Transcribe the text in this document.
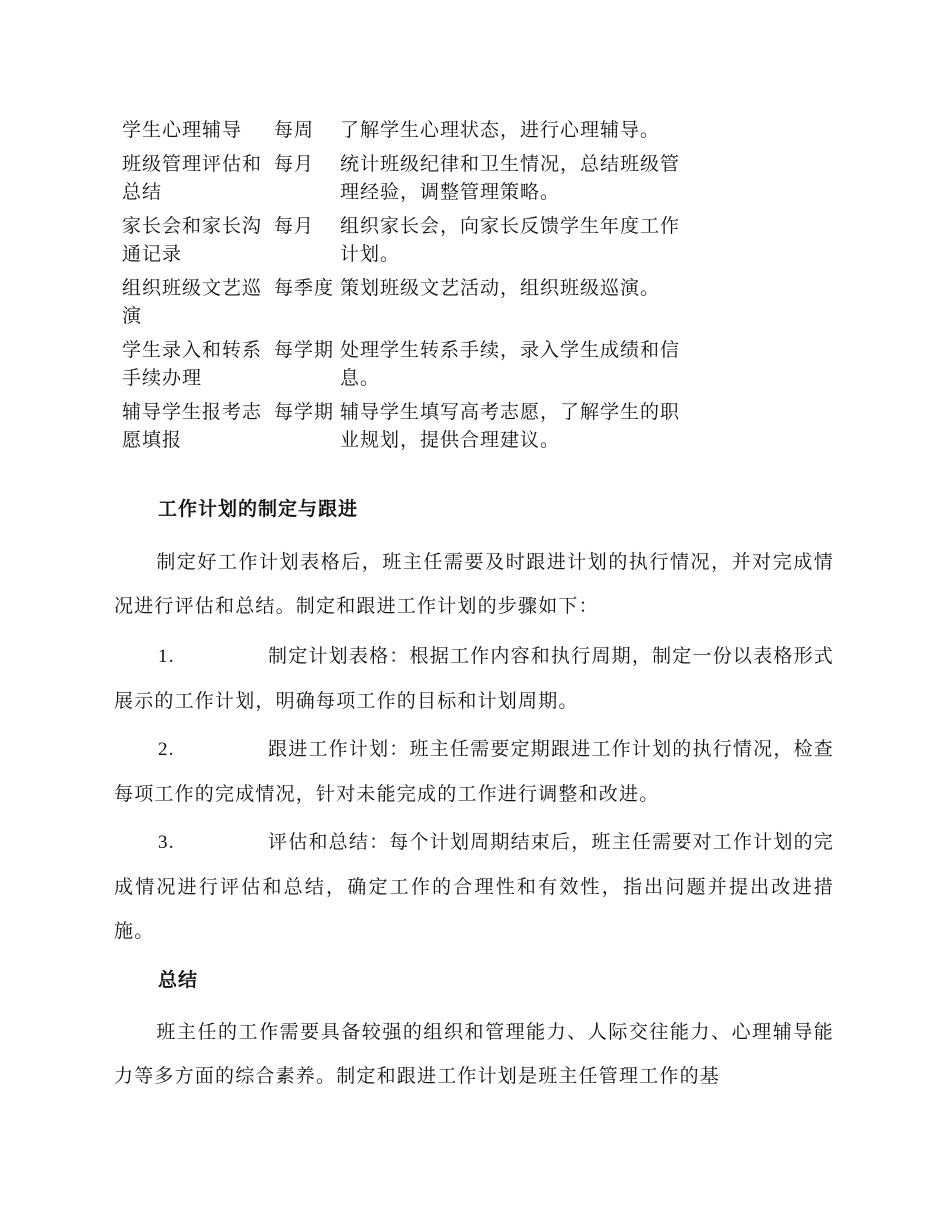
学生心理辅导	每周	了解学生心理状态，进行心理辅导。

班级管理评估和总结	每月	统计班级纪律和卫生情况，总结班级管理经验，调整管理策略。

家长会和家长沟通记录	每月	组织家长会，向家长反馈学生年度工作计划。

组织班级文艺巡演	每季度	策划班级文艺活动，组织班级巡演。

学生录入和转系手续办理	每学期	处理学生转系手续，录入学生成绩和信息。

辅导学生报考志愿填报	每学期	辅导学生填写高考志愿，了解学生的职业规划，提供合理建议。
工作计划的制定与跟进
制定好工作计划表格后，班主任需要及时跟进计划的执行情况，并对完成情况进行评估和总结。制定和跟进工作计划的步骤如下：
1.	制定计划表格：根据工作内容和执行周期，制定一份以表格形式展示的工作计划，明确每项工作的目标和计划周期。
2.	跟进工作计划：班主任需要定期跟进工作计划的执行情况，检查每项工作的完成情况，针对未能完成的工作进行调整和改进。
3.	评估和总结：每个计划周期结束后，班主任需要对工作计划的完成情况进行评估和总结，确定工作的合理性和有效性，指出问题并提出改进措施。
总结
班主任的工作需要具备较强的组织和管理能力、人际交往能力、心理辅导能力等多方面的综合素养。制定和跟进工作计划是班主任管理工作的基
